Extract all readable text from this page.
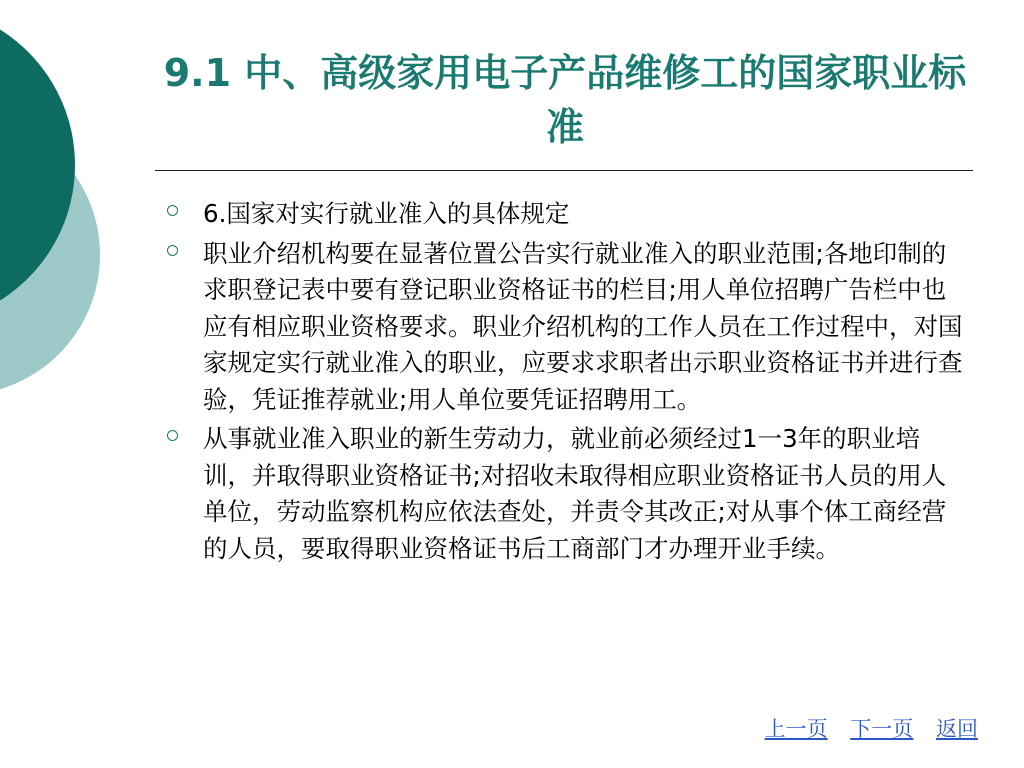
9.1 中、高级家用电子产品维修工的国家职业标准
6.国家对实行就业准入的具体规定
职业介绍机构要在显著位置公告实行就业准入的职业范围;各地印制的求职登记表中要有登记职业资格证书的栏目;用人单位招聘广告栏中也应有相应职业资格要求。职业介绍机构的工作人员在工作过程中，对国家规定实行就业准入的职业，应要求求职者出示职业资格证书并进行查验，凭证推荐就业;用人单位要凭证招聘用工。
从事就业准入职业的新生劳动力，就业前必须经过1一3年的职业培训，并取得职业资格证书;对招收未取得相应职业资格证书人员的用人单位，劳动监察机构应依法查处，并责令其改正;对从事个体工商经营的人员，要取得职业资格证书后工商部门才办理开业手续。
上一页 下一页 返回
